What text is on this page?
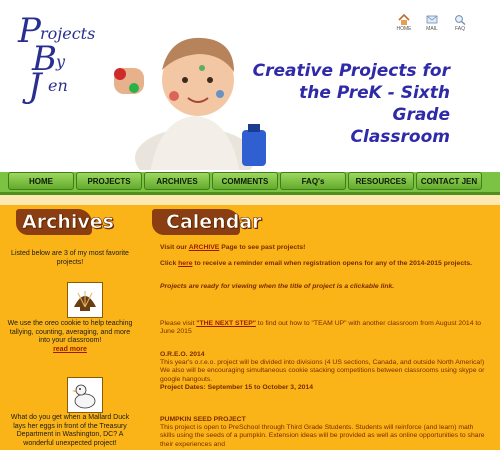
P rojects
B y
J en
Creative Projects for
the PreK - Sixth Grade
Classroom
HOME	MAIL	FAQ
HOME	PROJECTS	ARCHIVES	COMMENTS	FAQ's	RESOURCES	CONTACT JEN
Archives
Listed below are 3 of my most favorite projects!
We use the oreo cookie to help teaching tallying, counting, averaging, and more into your classroom!
read more
What do you get when a Mallard Duck lays her eggs in front of the Treasury Department in Washington, DC? A wonderful unexpected project!
Calendar
Visit our ARCHIVE Page to see past projects!
Click here to receive a reminder email when registration opens for any of the 2014-2015 projects.
Projects are ready for viewing when the title of project is a clickable link.
Please visit "THE NEXT STEP" to find out how to "TEAM UP" with another classroom from August 2014 to June 2015
O.R.E.O. 2014
This year's o.r.e.o. project will be divided into divisions (4 US sections, Canada, and outside North America!)
We also will be encouraging simultaneous cookie stacking competitions between classrooms using skype or google hangouts.
Project Dates: September 15 to October 3, 2014
PUMPKIN SEED PROJECT
This project is open to PreSchool through Third Grade Students. Students will reinforce (and learn) math skills using the seeds of a pumpkin. Extension ideas will be provided as well as online opportunities to share their experiences and
